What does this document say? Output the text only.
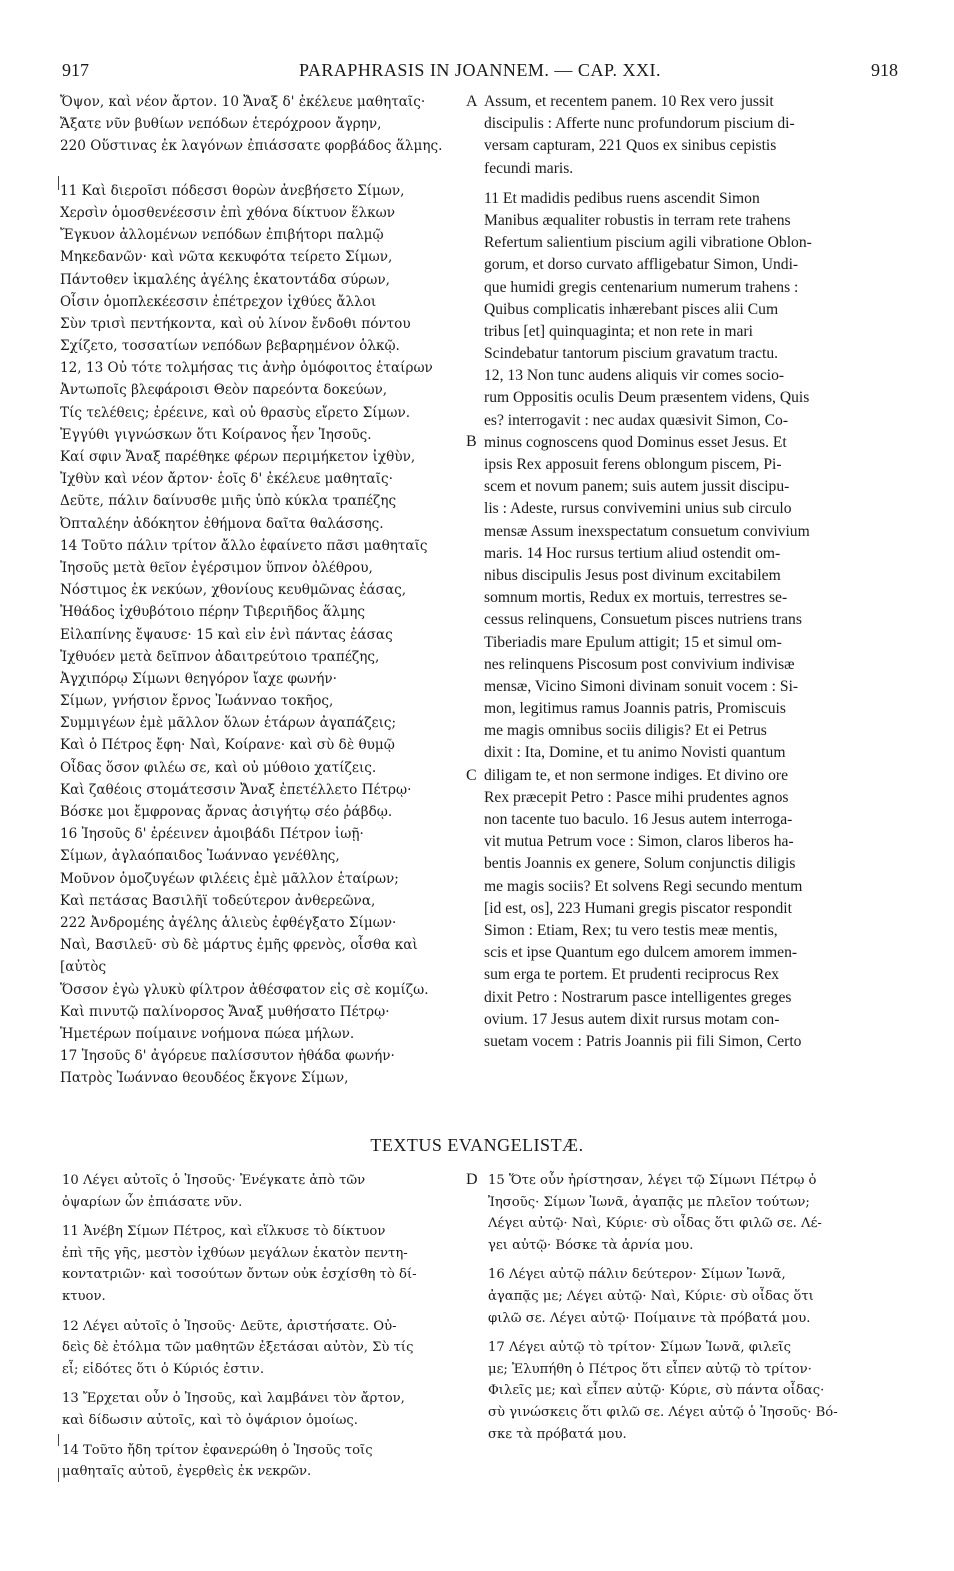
917	PARAPHRASIS IN JOANNEM. — CAP. XXI.	918
Ὄψον, καὶ νέον ἄρτον. 10 Ἄναξ δ' ἐκέλευε μαθηταῖς·
Ἄξατε νῦν βυθίων νεπόδων ἑτερόχροον ἄγρην,
220 Οὕστινας ἐκ λαγόνων ἐπιάσσατε φορβάδος ἅλμης.
11 Καὶ διεροῖσι πόδεσσι θορὼν ἀνεβήσετο Σίμων,
Χερσὶν ὁμοσθενέεσσιν ἐπὶ χθόνα δίκτυον ἕλκων
Ἔγκυον ἀλλομένων νεπόδων ἐπιβήτορι παλμῷ
Μηκεδανῶν· καὶ νῶτα κεκυφότα τείρετο Σίμων,
Πάντοθεν ἰκμαλέης ἀγέλης ἑκατοντάδα σύρων,
Οἷσιν ὁμοπλεκέεσσιν ἐπέτρεχον ἰχθύες ἄλλοι
Σὺν τρισὶ πεντήκοντα, καὶ οὐ λίνον ἔνδοθι πόντου
Σχίζετο, τοσσατίων νεπόδων βεβαρημένον ὁλκῷ.
12, 13 Οὐ τότε τολμήσας τις ἀνὴρ ὁμόφοιτος ἑταίρων
Ἀντωποῖς βλεφάροισι Θεὸν παρεόντα δοκεύων,
Τίς τελέθεις; ἐρέεινε, καὶ οὐ θρασὺς εἴρετο Σίμων.
Ἐγγύθι γιγνώσκων ὅτι Κοίρανος ἦεν Ἰησοῦς.
Καί σφιν Ἄναξ παρέθηκε φέρων περιμήκετον ἰχθὺν,
Ἰχθὺν καὶ νέον ἄρτον· ἑοῖς δ' ἐκέλευε μαθηταῖς·
Δεῦτε, πάλιν δαίνυσθε μιῆς ὑπὸ κύκλα τραπέζης
Ὀπταλέην ἀδόκητον ἐθήμονα δαῖτα θαλάσσης.
14 Τοῦτο πάλιν τρίτον ἄλλο ἐφαίνετο πᾶσι μαθηταῖς
Ἰησοῦς μετὰ θεῖον ἐγέρσιμον ὕπνον ὀλέθρου,
Νόστιμος ἐκ νεκύων, χθονίους κευθμῶνας ἐάσας,
Ἠθάδος ἰχθυβότοιο πέρην Τιβεριῆδος ἅλμης
Εἰλαπίνης ἔψαυσε· 15 καὶ εἰν ἑνὶ πάντας ἐάσας
Ἰχθυόεν μετὰ δεῖπνον ἀδαιτρεύτοιο τραπέζης,
Ἀγχιπόρῳ Σίμωνι θεηγόρον ἴαχε φωνήν·
Σίμων, γνήσιον ἔρνος Ἰωάνναο τοκῆος,
Συμμιγέων ἐμὲ μᾶλλον ὅλων ἑτάρων ἀγαπάζεις;
Καὶ ὁ Πέτρος ἔφη· Ναὶ, Κοίρανε· καὶ σὺ δὲ θυμῷ
Οἶδας ὅσον φιλέω σε, καὶ οὐ μύθοιο χατίζεις.
Καὶ ζαθέοις στομάτεσσιν Ἄναξ ἐπετέλλετο Πέτρῳ·
Βόσκε μοι ἔμφρονας ἄρνας ἀσιγήτῳ σέο ῥάβδῳ.
16 Ἰησοῦς δ' ἐρέεινεν ἀμοιβάδι Πέτρον ἰωῇ·
Σίμων, ἀγλαόπαιδος Ἰωάνναο γενέθλης,
Μοῦνον ὁμοζυγέων φιλέεις ἐμὲ μᾶλλον ἑταίρων;
Καὶ πετάσας Βασιλῆϊ τοδεύτερον ἀνθερεῶνα,
222 Ἀνδρομέης ἀγέλης ἁλιεὺς ἐφθέγξατο Σίμων·
Ναὶ, Βασιλεῦ· σὺ δὲ μάρτυς ἐμῆς φρενὸς, οἶσθα καὶ
[αὐτὸς
Ὅσσον ἐγὼ γλυκὺ φίλτρον ἀθέσφατον εἰς σὲ κομίζω.
Καὶ πινυτῷ παλίνορσος Ἄναξ μυθήσατο Πέτρῳ·
Ἡμετέρων ποίμαινε νοήμονα πώεα μήλων.
17 Ἰησοῦς δ' ἀγόρευε παλίσσυτον ἠθάδα φωνήν·
Πατρὸς Ἰωάνναο θεουδέος ἔκγονε Σίμων,
Assum, et recentem panem. 10 Rex vero jussit
discipulis : Afferte nunc profundorum piscium di-
versam capturam, 221 Quos ex sinibus cepistis
fecundi maris.
11 Et madidis pedibus ruens ascendit Simon
Manibus æqualiter robustis in terram rete trahens
Refertum salientium piscium agili vibratione Oblon-
gorum, et dorso curvato affligebatur Simon, Undi-
que humidi gregis centenarium numerum trahens :
Quibus complicatis inhærebant pisces alii Cum
tribus [et] quinquaginta; et non rete in mari
Scindebatur tantorum piscium gravatum tractu.
12, 13 Non tunc audens aliquis vir comes socio-
rum Oppositis oculis Deum præsentem videns, Quis
es? interrogavit : nec audax quæsivit Simon, Co-
minus cognoscens quod Dominus esset Jesus. Et
ipsis Rex apposuit ferens oblongum piscem, Pi-
scem et novum panem; suis autem jussit discipu-
lis : Adeste, rursus convivemini unius sub circulo
mensæ Assum inexspectatum consuetum convivium
maris. 14 Hoc rursus tertium aliud ostendit om-
nibus discipulis Jesus post divinum excitabilem
somnum mortis, Redux ex mortuis, terrestres se-
cessus relinquens, Consuetum pisces nutriens trans
Tiberiadis mare Epulum attigit; 15 et simul om-
nes relinquens Piscosum post convivium indivisæ
mensæ, Vicino Simoni divinam sonuit vocem : Si-
mon, legitimus ramus Joannis patris, Promiscuis
me magis omnibus sociis diligis? Et ei Petrus
dixit : Ita, Domine, et tu animo Novisti quantum
diligam te, et non sermone indiges. Et divino ore
Rex præcepit Petro : Pasce mihi prudentes agnos
non tacente tuo baculo. 16 Jesus autem interroga-
vit mutua Petrum voce : Simon, claros liberos ha-
bentis Joannis ex genere, Solum conjunctis diligis
me magis sociis? Et solvens Regi secundo mentum
[id est, os], 223 Humani gregis piscator respondit
Simon : Etiam, Rex; tu vero testis meæ mentis,
scis et ipse Quantum ego dulcem amorem immen-
sum erga te portem. Et prudenti reciprocus Rex
dixit Petro : Nostrarum pasce intelligentes greges
ovium. 17 Jesus autem dixit rursus motam con-
suetam vocem : Patris Joannis pii fili Simon, Certo
A
B
C
TEXTUS EVANGELISTÆ.
10 Λέγει αὐτοῖς ὁ Ἰησοῦς· Ἐνέγκατε ἀπὸ τῶν
ὀψαρίων ὧν ἐπιάσατε νῦν.
11 Ἀνέβη Σίμων Πέτρος, καὶ εἵλκυσε τὸ δίκτυον
ἐπὶ τῆς γῆς, μεστὸν ἰχθύων μεγάλων ἑκατὸν πεντη-
κοντατριῶν· καὶ τοσούτων ὄντων οὐκ ἐσχίσθη τὸ δί-
κτυον.
12 Λέγει αὐτοῖς ὁ Ἰησοῦς· Δεῦτε, ἀριστήσατε. Οὐ-
δεὶς δὲ ἐτόλμα τῶν μαθητῶν ἐξετάσαι αὐτὸν, Σὺ τίς
εἶ; εἰδότες ὅτι ὁ Κύριός ἐστιν.
13 Ἔρχεται οὖν ὁ Ἰησοῦς, καὶ λαμβάνει τὸν ἄρτον,
καὶ δίδωσιν αὐτοῖς, καὶ τὸ ὀψάριον ὁμοίως.
14 Τοῦτο ἤδη τρίτον ἐφανερώθη ὁ Ἰησοῦς τοῖς
μαθηταῖς αὐτοῦ, ἐγερθεὶς ἐκ νεκρῶν.
D 15 Ὅτε οὖν ἠρίστησαν, λέγει τῷ Σίμωνι Πέτρῳ ὁ
Ἰησοῦς· Σίμων Ἰωνᾶ, ἀγαπᾷς με πλεῖον τούτων;
Λέγει αὐτῷ· Ναὶ, Κύριε· σὺ οἶδας ὅτι φιλῶ σε. Λέ-
γει αὐτῷ· Βόσκε τὰ ἀρνία μου.
16 Λέγει αὐτῷ πάλιν δεύτερον· Σίμων Ἰωνᾶ,
ἀγαπᾷς με; Λέγει αὐτῷ· Ναὶ, Κύριε· σὺ οἶδας ὅτι
φιλῶ σε. Λέγει αὐτῷ· Ποίμαινε τὰ πρόβατά μου.
17 Λέγει αὐτῷ τὸ τρίτον· Σίμων Ἰωνᾶ, φιλεῖς
με; Ἐλυπήθη ὁ Πέτρος ὅτι εἶπεν αὐτῷ τὸ τρίτον·
Φιλεῖς με; καὶ εἶπεν αὐτῷ· Κύριε, σὺ πάντα οἶδας·
σὺ γινώσκεις ὅτι φιλῶ σε. Λέγει αὐτῷ ὁ Ἰησοῦς· Βό-
σκε τὰ πρόβατά μου.
